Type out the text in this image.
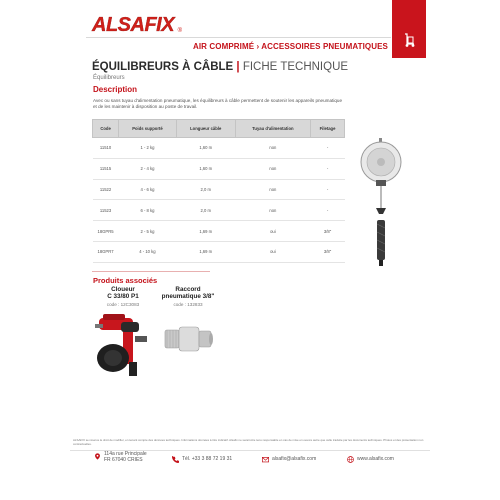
ALSAFIX ®
AIR COMPRIMÉ › ACCESSOIRES PNEUMATIQUES
ÉQUILIBREURS À CÂBLE | FICHE TECHNIQUE
Équilibreurs
Description
Avec ou sans tuyau d'alimentation pneumatique, les équilibreurs à câble permettent de soutenir les appareils pneumatique et de les maintenir à disposition au poste de travail.
Code	Poids supporté	Longueur câble	Tuyau d'alimentation	Filetage
11510	1 - 2 kg	1,60 m	non	-
11515	2 - 4 kg	1,60 m	non	-
11522	4 - 6 kg	2,0 m	non	-
11523	6 - 8 kg	2,0 m	non	-
18GPR5	2 - 5 kg	1,69 m	oui	3/8"
18GPR7	4 - 10 kg	1,69 m	oui	3/8"
Produits associés
Cloueur
C 33/80 P1
code : 12C3083
Raccord
pneumatique 3/8"
code : 132833
ALSAFIX se réserve le droit de modifier, en tenant compte des données techniques. Informations données à titre indicatif. Alsafix ne serait être tenu responsable en cas de mise en oeuvre autre que celle traduite par les documents techniques. Photos et des présentation non contractuelles.
114a rue Principale
FR 67040 CRIES	Tél. +33 3 88 72 19 31	alsafix@alsafix.com	www.alsafix.com
